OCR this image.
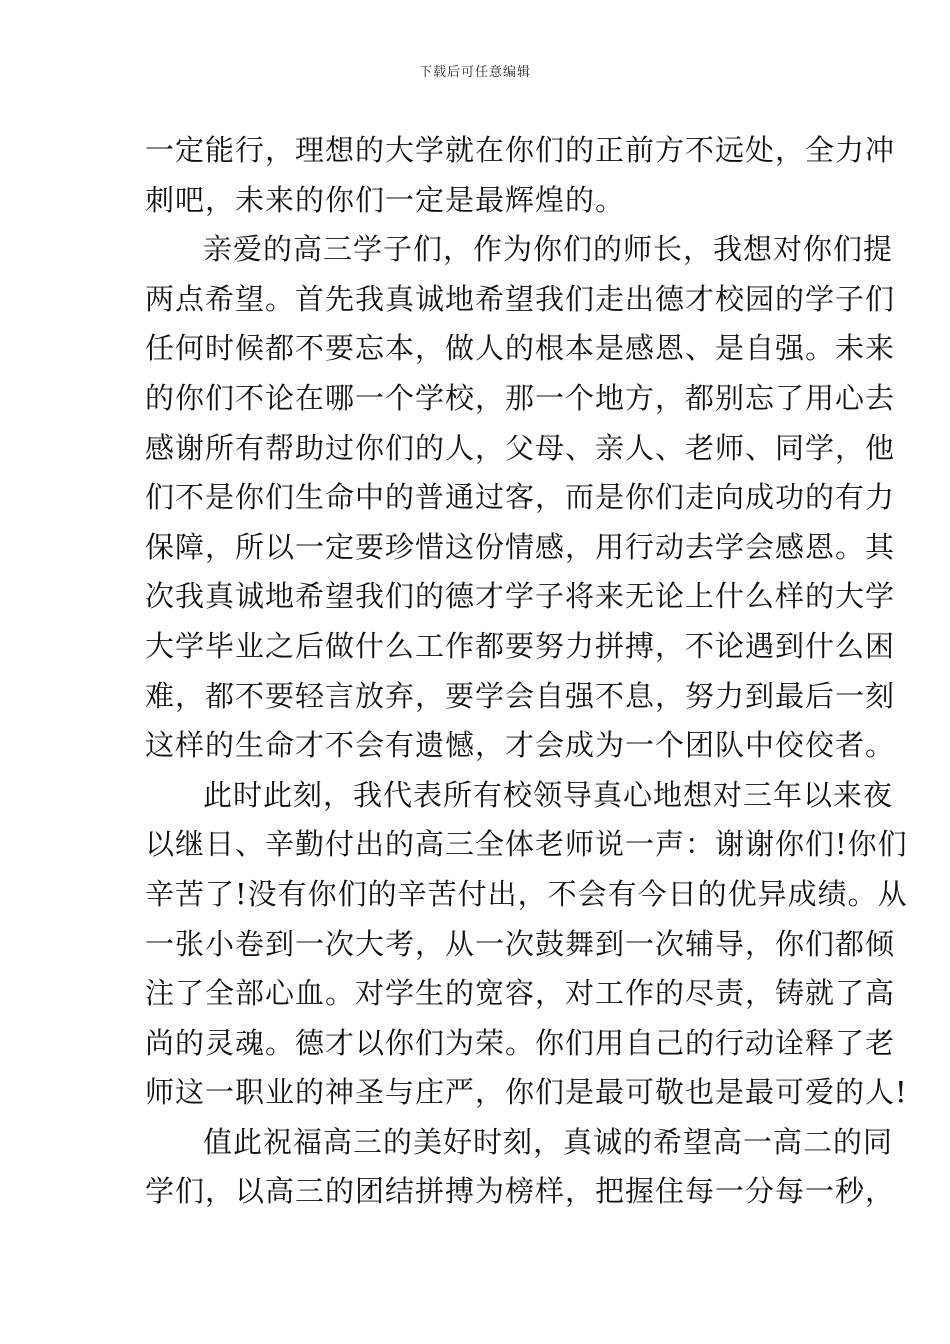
下载后可任意编辑
一定能行，理想的大学就在你们的正前方不远处，全力冲
刺吧，未来的你们一定是最辉煌的。
亲爱的高三学子们，作为你们的师长，我想对你们提
两点希望。首先我真诚地希望我们走出德才校园的学子们
任何时候都不要忘本，做人的根本是感恩、是自强。未来
的你们不论在哪一个学校，那一个地方，都别忘了用心去
感谢所有帮助过你们的人，父母、亲人、老师、同学，他
们不是你们生命中的普通过客，而是你们走向成功的有力
保障，所以一定要珍惜这份情感，用行动去学会感恩。其
次我真诚地希望我们的德才学子将来无论上什么样的大学
大学毕业之后做什么工作都要努力拼搏，不论遇到什么困
难，都不要轻言放弃，要学会自强不息，努力到最后一刻
这样的生命才不会有遗憾，才会成为一个团队中佼佼者。
此时此刻，我代表所有校领导真心地想对三年以来夜
以继日、辛勤付出的高三全体老师说一声：谢谢你们!你们
辛苦了!没有你们的辛苦付出，不会有今日的优异成绩。从
一张小卷到一次大考，从一次鼓舞到一次辅导，你们都倾
注了全部心血。对学生的宽容，对工作的尽责，铸就了高
尚的灵魂。德才以你们为荣。你们用自己的行动诠释了老
师这一职业的神圣与庄严，你们是最可敬也是最可爱的人!
值此祝福高三的美好时刻，真诚的希望高一高二的同
学们，以高三的团结拼搏为榜样，把握住每一分每一秒，
